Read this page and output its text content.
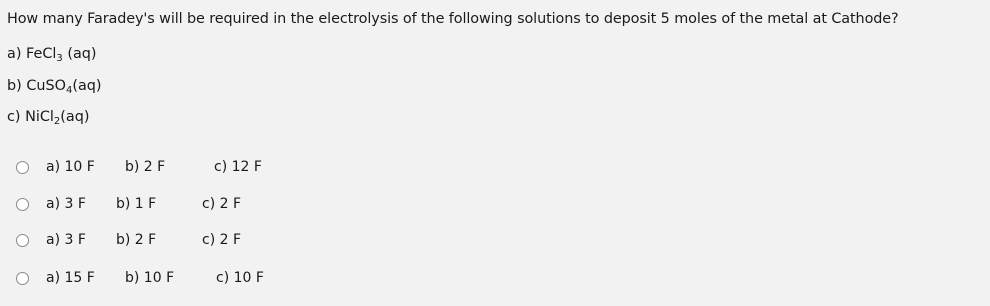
How many Faradey's will be required in the electrolysis of the following solutions to deposit 5 moles of the metal at Cathode?
a) FeCl$_3$ (aq)
b) CuSO$_4$(aq)
c) NiCl$_2$(aq)
a) 10 F b) 2 F	c) 12 F
a) 3 F b) 1 F	c) 2 F
a) 3 F b) 2 F	c) 2 F
a) 15 F b) 10 F	c) 10 F
